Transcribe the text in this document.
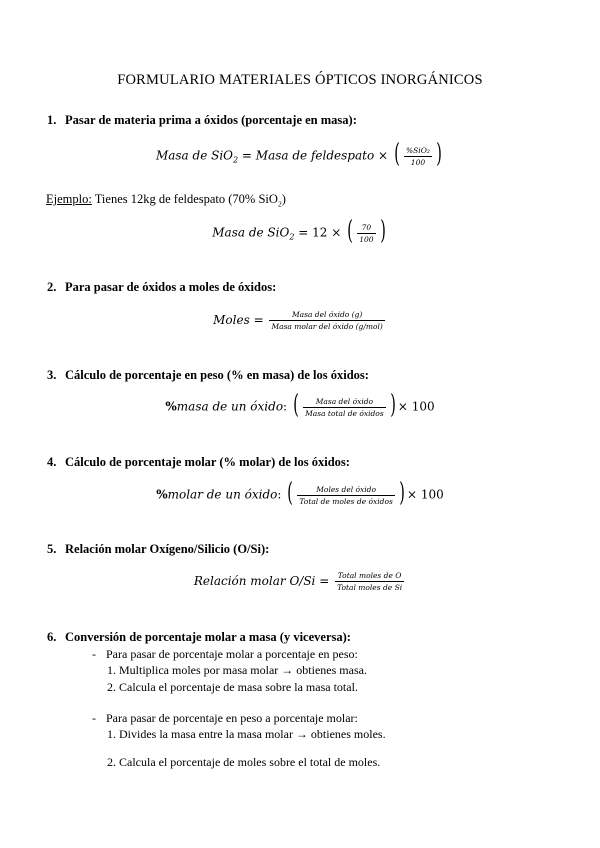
FORMULARIO MATERIALES ÓPTICOS INORGÁNICOS
1. Pasar de materia prima a óxidos (porcentaje en masa):
Masa de SiO$_2$ = Masa de feldespato × ( $\frac{\text{\%SiO₂}}{100}$ )
Ejemplo: Tienes 12kg de feldespato (70% SiO$_2$)
Masa de SiO$_2$ = 12 × ( $\frac{70}{100}$ )
2. Para pasar de óxidos a moles de óxidos:
Moles = $\frac{\text{Masa del óxido (g)}}{\text{Masa molar del óxido (g/mol)}}$
3. Cálculo de porcentaje en peso (% en masa) de los óxidos:
%masa de un óxido: ( $\frac{\text{Masa del óxido}}{\text{Masa total de óxidos}}$ ) × 100
4. Cálculo de porcentaje molar (% molar) de los óxidos:
%molar de un óxido: ( $\frac{\text{Moles del óxido}}{\text{Total de moles de óxidos}}$ ) × 100
5. Relación molar Oxígeno/Silicio (O/Si):
Relación molar $O/Si = \frac{\text{Total moles de O}}{\text{Total moles de Si}}$
6. Conversión de porcentaje molar a masa (y viceversa):
- Para pasar de porcentaje molar a porcentaje en peso:
1. Multiplica moles por masa molar → obtienes masa.
2. Calcula el porcentaje de masa sobre la masa total.
- Para pasar de porcentaje en peso a porcentaje molar:
1. Divides la masa entre la masa molar → obtienes moles.
2. Calcula el porcentaje de moles sobre el total de moles.
